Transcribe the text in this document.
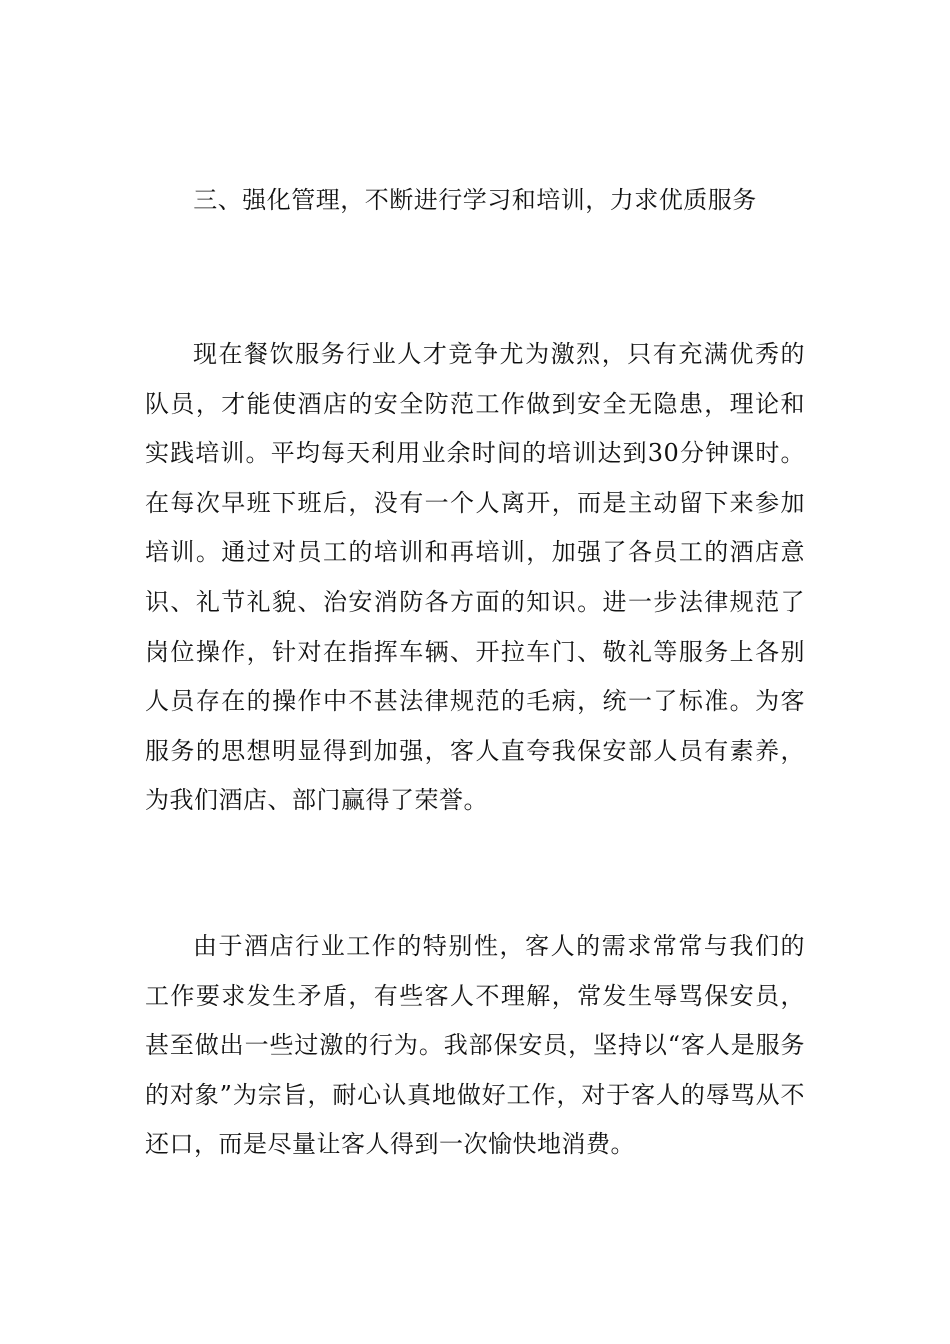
三、强化管理，不断进行学习和培训，力求优质服务

现在餐饮服务行业人才竞争尤为激烈，只有充满优秀的队员，才能使酒店的安全防范工作做到安全无隐患，理论和实践培训。平均每天利用业余时间的培训达到30分钟课时。在每次早班下班后，没有一个人离开，而是主动留下来参加培训。通过对员工的培训和再培训，加强了各员工的酒店意识、礼节礼貌、治安消防各方面的知识。进一步法律规范了岗位操作，针对在指挥车辆、开拉车门、敬礼等服务上各别人员存在的操作中不甚法律规范的毛病，统一了标准。为客服务的思想明显得到加强，客人直夸我保安部人员有素养，为我们酒店、部门赢得了荣誉。

由于酒店行业工作的特别性，客人的需求常常与我们的工作要求发生矛盾，有些客人不理解，常发生辱骂保安员，甚至做出一些过激的行为。我部保安员，坚持以“客人是服务的对象”为宗旨，耐心认真地做好工作，对于客人的辱骂从不还口，而是尽量让客人得到一次愉快地消费。
